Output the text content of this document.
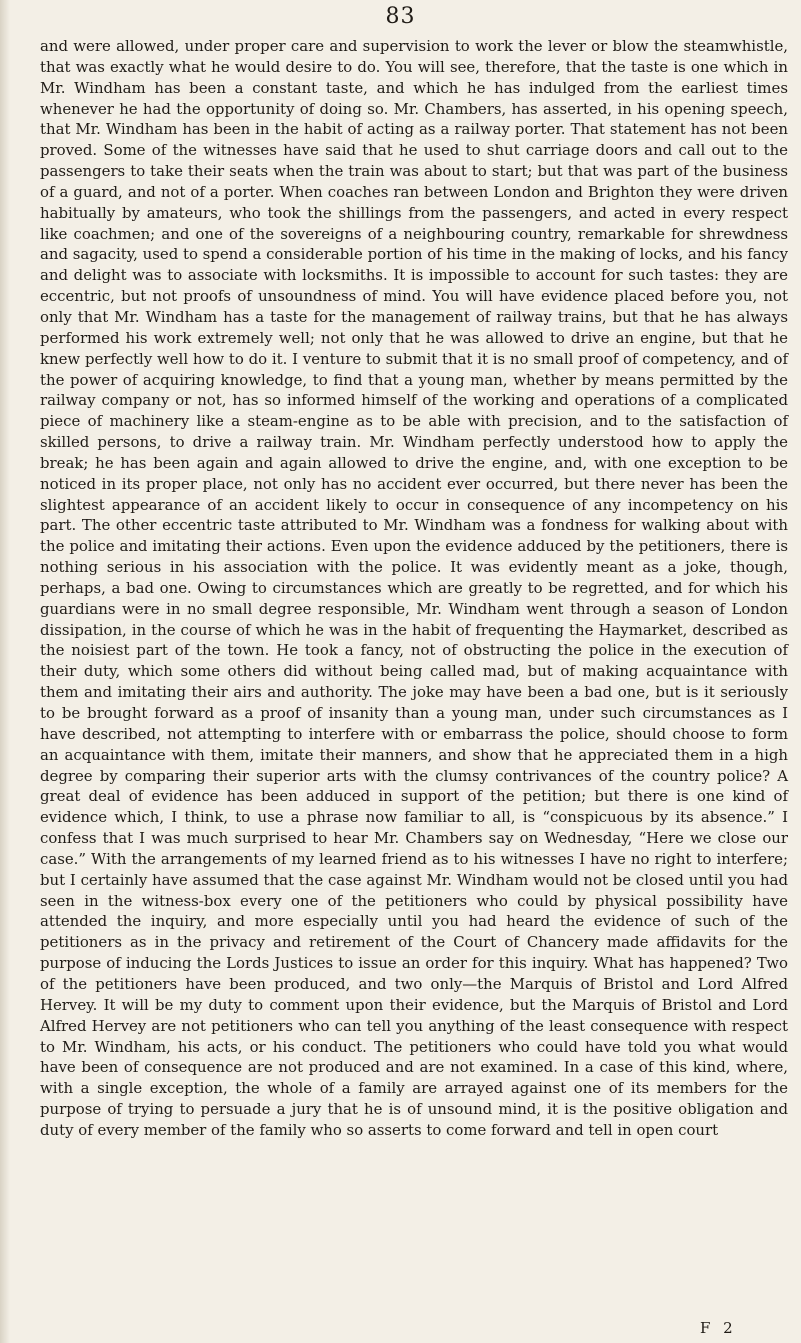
83

and were allowed, under proper care and supervision to work the lever or blow the steamwhistle, that was exactly what he would desire to do. You will see, therefore, that the taste is one which in Mr. Windham has been a constant taste, and which he has indulged from the earliest times whenever he had the opportunity of doing so. Mr. Chambers, has asserted, in his opening speech, that Mr. Windham has been in the habit of acting as a railway porter. That statement has not been proved. Some of the witnesses have said that he used to shut carriage doors and call out to the passengers to take their seats when the train was about to start; but that was part of the business of a guard, and not of a porter. When coaches ran between London and Brighton they were driven habitually by amateurs, who took the shillings from the passengers, and acted in every respect like coachmen; and one of the sovereigns of a neighbouring country, remarkable for shrewdness and sagacity, used to spend a considerable portion of his time in the making of locks, and his fancy and delight was to associate with locksmiths. It is impossible to account for such tastes: they are eccentric, but not proofs of unsoundness of mind. You will have evidence placed before you, not only that Mr. Windham has a taste for the management of railway trains, but that he has always performed his work extremely well; not only that he was allowed to drive an engine, but that he knew perfectly well how to do it. I venture to submit that it is no small proof of competency, and of the power of acquiring knowledge, to find that a young man, whether by means permitted by the railway company or not, has so informed himself of the working and operations of a complicated piece of machinery like a steam-engine as to be able with precision, and to the satisfaction of skilled persons, to drive a railway train. Mr. Windham perfectly understood how to apply the break; he has been again and again allowed to drive the engine, and, with one exception to be noticed in its proper place, not only has no accident ever occurred, but there never has been the slightest appearance of an accident likely to occur in consequence of any incompetency on his part. The other eccentric taste attributed to Mr. Windham was a fondness for walking about with the police and imitating their actions. Even upon the evidence adduced by the petitioners, there is nothing serious in his association with the police. It was evidently meant as a joke, though, perhaps, a bad one. Owing to circumstances which are greatly to be regretted, and for which his guardians were in no small degree responsible, Mr. Windham went through a season of London dissipation, in the course of which he was in the habit of frequenting the Haymarket, described as the noisiest part of the town. He took a fancy, not of obstructing the police in the execution of their duty, which some others did without being called mad, but of making acquaintance with them and imitating their airs and authority. The joke may have been a bad one, but is it seriously to be brought forward as a proof of insanity than a young man, under such circumstances as I have described, not attempting to interfere with or embarrass the police, should choose to form an acquaintance with them, imitate their manners, and show that he appreciated them in a high degree by comparing their superior arts with the clumsy contrivances of the country police? A great deal of evidence has been adduced in support of the petition; but there is one kind of evidence which, I think, to use a phrase now familiar to all, is “conspicuous by its absence.” I confess that I was much surprised to hear Mr. Chambers say on Wednesday, “Here we close our case.” With the arrangements of my learned friend as to his witnesses I have no right to interfere; but I certainly have assumed that the case against Mr. Windham would not be closed until you had seen in the witness-box every one of the petitioners who could by physical possibility have attended the inquiry, and more especially until you had heard the evidence of such of the petitioners as in the privacy and retirement of the Court of Chancery made affidavits for the purpose of inducing the Lords Justices to issue an order for this inquiry. What has happened? Two of the petitioners have been produced, and two only—the Marquis of Bristol and Lord Alfred Hervey. It will be my duty to comment upon their evidence, but the Marquis of Bristol and Lord Alfred Hervey are not petitioners who can tell you anything of the least consequence with respect to Mr. Windham, his acts, or his conduct. The petitioners who could have told you what would have been of consequence are not produced and are not examined. In a case of this kind, where, with a single exception, the whole of a family are arrayed against one of its members for the purpose of trying to persuade a jury that he is of unsound mind, it is the positive obligation and duty of every member of the family who so asserts to come forward and tell in open court

F 2
